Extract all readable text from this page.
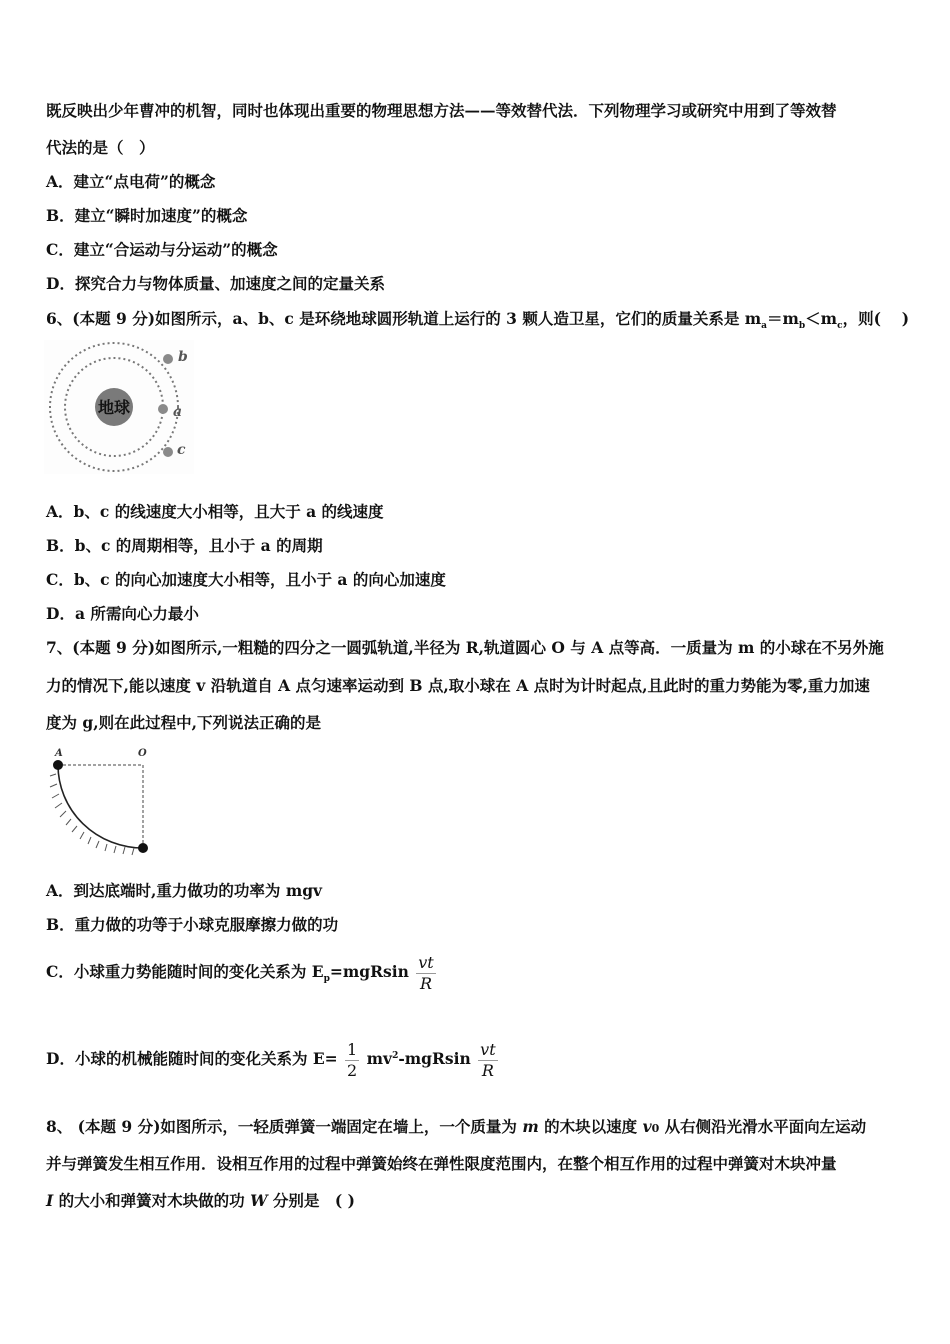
既反映出少年曹冲的机智，同时也体现出重要的物理思想方法——等效替代法．下列物理学习或研究中用到了等效替
代法的是（　）
A．建立“点电荷”的概念
B．建立“瞬时加速度”的概念
C．建立“合运动与分运动”的概念
D．探究合力与物体质量、加速度之间的定量关系
6、(本题 9 分)如图所示，a、b、c 是环绕地球圆形轨道上运行的 3 颗人造卫星，它们的质量关系是 $m_a=m_b<m_c$，则(　 )
地球	a
b
c
A．b、c 的线速度大小相等，且大于 a 的线速度
B．b、c 的周期相等，且小于 a 的周期
C．b、c 的向心加速度大小相等，且小于 a 的向心加速度
D．a 所需向心力最小
7、(本题 9 分)如图所示,一粗糙的四分之一圆弧轨道,半径为 R,轨道圆心 O 与 A 点等高．一质量为 m 的小球在不另外施
力的情况下,能以速度 v 沿轨道自 A 点匀速率运动到 B 点,取小球在 A 点时为计时起点,且此时的重力势能为零,重力加速
度为 g,则在此过程中,下列说法正确的是
A	O
A．到达底端时,重力做功的功率为 mgv
B．重力做的功等于小球克服摩擦力做的功
C．小球重力势能随时间的变化关系为 $E_p=mgRsin \frac{vt}{R}$
D．小球的机械能随时间的变化关系为 $E= \frac{1}{2} mv^2-mgRsin \frac{vt}{R}$
8、 (本题 9 分)如图所示，一轻质弹簧一端固定在墙上，一个质量为 m 的木块以速度 v0 从右侧沿光滑水平面向左运动
并与弹簧发生相互作用．设相互作用的过程中弹簧始终在弹性限度范围内，在整个相互作用的过程中弹簧对木块冲量
I 的大小和弹簧对木块做的功 W 分别是　( )
